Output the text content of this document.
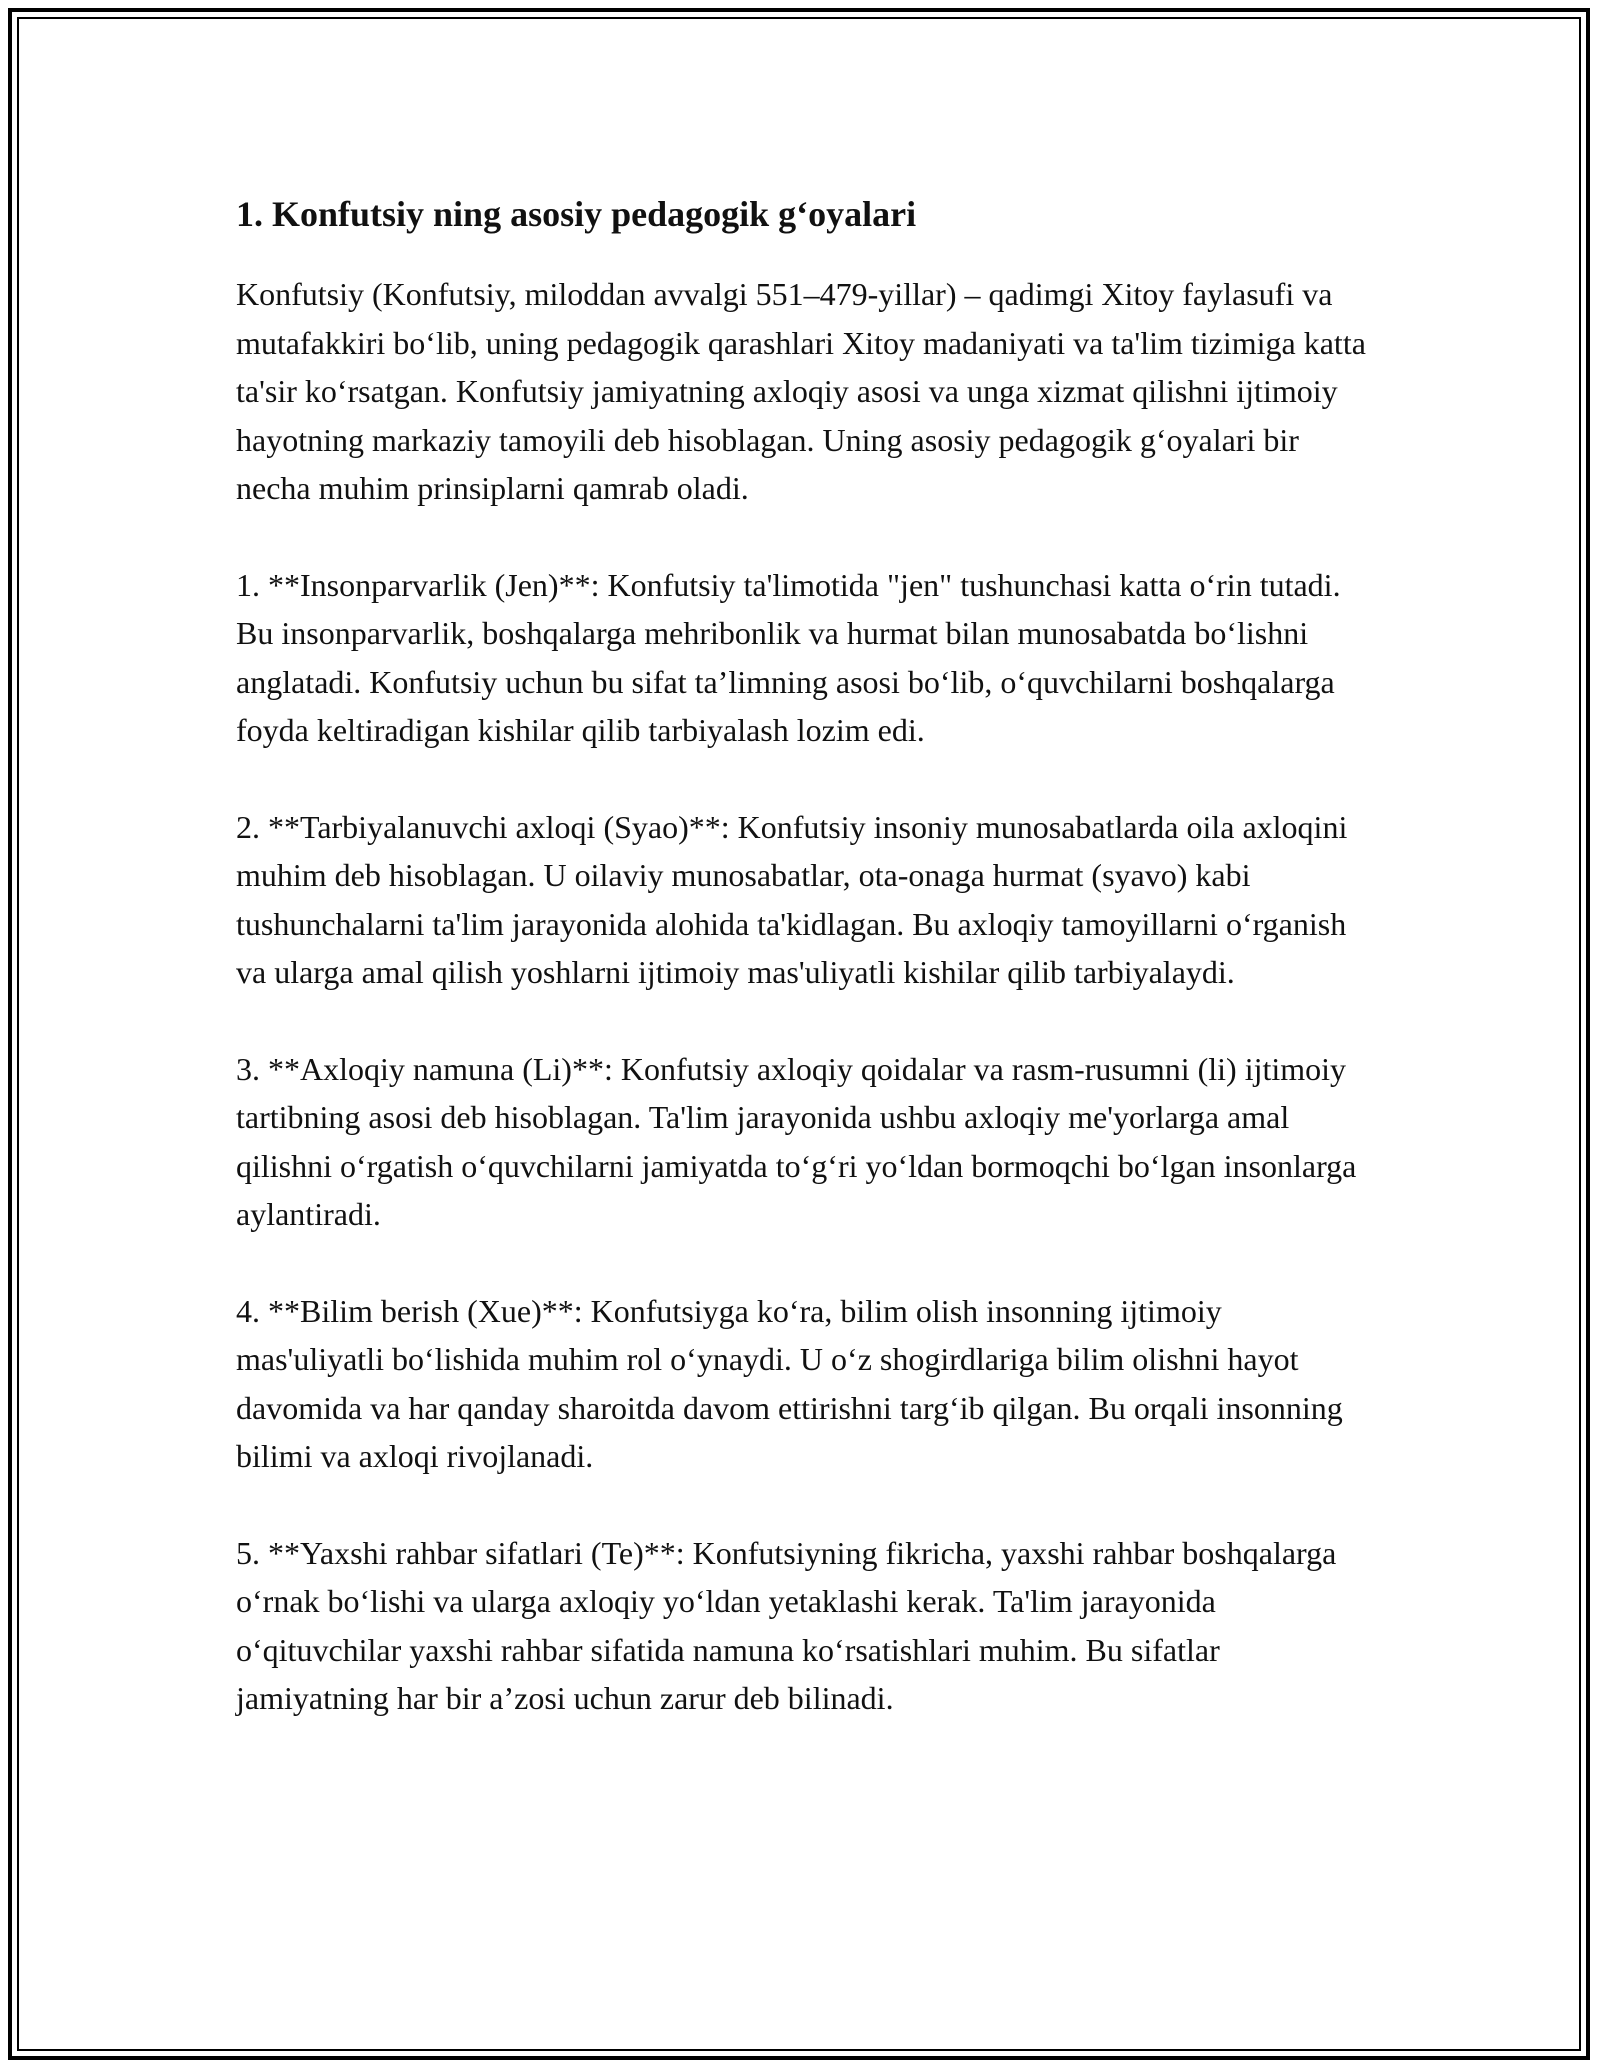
1. Konfutsiy ning asosiy pedagogik g‘oyalari

Konfutsiy (Konfutsiy, miloddan avvalgi 551–479-yillar) – qadimgi Xitoy faylasufi va mutafakkiri bo‘lib, uning pedagogik qarashlari Xitoy madaniyati va ta'lim tizimiga katta ta'sir ko‘rsatgan. Konfutsiy jamiyatning axloqiy asosi va unga xizmat qilishni ijtimoiy hayotning markaziy tamoyili deb hisoblagan. Uning asosiy pedagogik g‘oyalari bir necha muhim prinsiplarni qamrab oladi.

1. **Insonparvarlik (Jen)**: Konfutsiy ta'limotida "jen" tushunchasi katta o‘rin tutadi. Bu insonparvarlik, boshqalarga mehribonlik va hurmat bilan munosabatda bo‘lishni anglatadi. Konfutsiy uchun bu sifat ta’limning asosi bo‘lib, o‘quvchilarni boshqalarga foyda keltiradigan kishilar qilib tarbiyalash lozim edi.

2. **Tarbiyalanuvchi axloqi (Syao)**: Konfutsiy insoniy munosabatlarda oila axloqini muhim deb hisoblagan. U oilaviy munosabatlar, ota-onaga hurmat (syavo) kabi tushunchalarni ta'lim jarayonida alohida ta'kidlagan. Bu axloqiy tamoyillarni o‘rganish va ularga amal qilish yoshlarni ijtimoiy mas'uliyatli kishilar qilib tarbiyalaydi.

3. **Axloqiy namuna (Li)**: Konfutsiy axloqiy qoidalar va rasm-rusumni (li) ijtimoiy tartibning asosi deb hisoblagan. Ta'lim jarayonida ushbu axloqiy me'yorlarga amal qilishni o‘rgatish o‘quvchilarni jamiyatda to‘g‘ri yo‘ldan bormoqchi bo‘lgan insonlarga aylantiradi.

4. **Bilim berish (Xue)**: Konfutsiyga ko‘ra, bilim olish insonning ijtimoiy mas'uliyatli bo‘lishida muhim rol o‘ynaydi. U o‘z shogirdlariga bilim olishni hayot davomida va har qanday sharoitda davom ettirishni targ‘ib qilgan. Bu orqali insonning bilimi va axloqi rivojlanadi.

5. **Yaxshi rahbar sifatlari (Te)**: Konfutsiyning fikricha, yaxshi rahbar boshqalarga o‘rnak bo‘lishi va ularga axloqiy yo‘ldan yetaklashi kerak. Ta'lim jarayonida o‘qituvchilar yaxshi rahbar sifatida namuna ko‘rsatishlari muhim. Bu sifatlar jamiyatning har bir a’zosi uchun zarur deb bilinadi.
